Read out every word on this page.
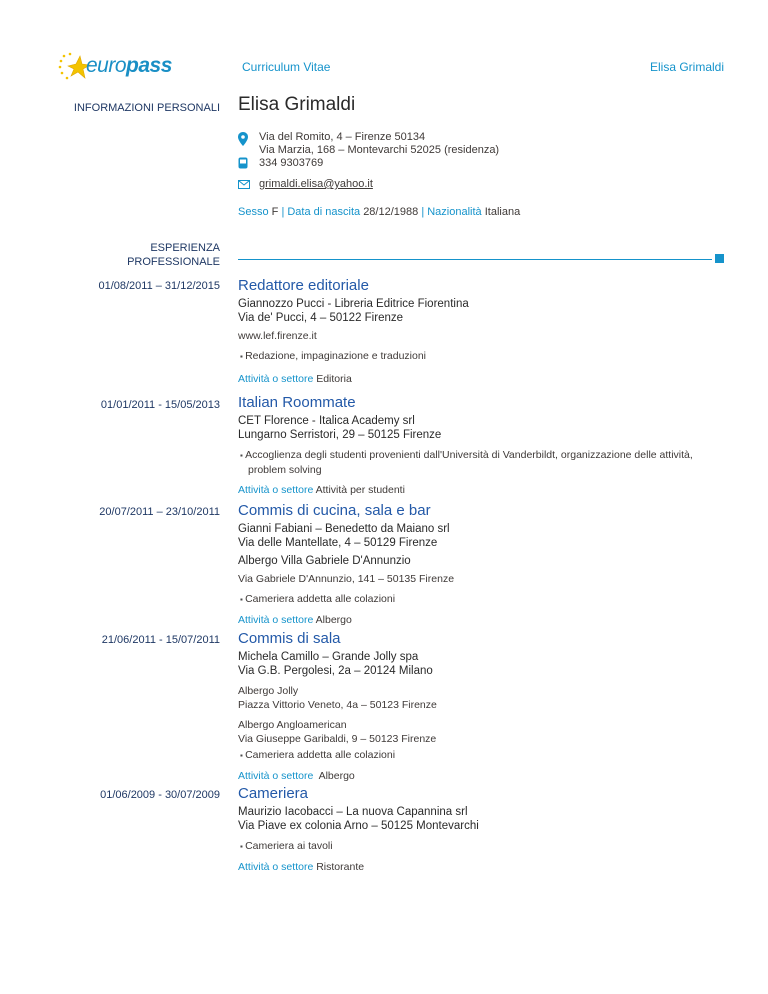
europass	Curriculum Vitae	Elisa Grimaldi
INFORMAZIONI PERSONALI Elisa Grimaldi
Via del Romito, 4 – Firenze 50134
Via Marzia, 168 – Montevarchi 52025 (residenza)
334 9303769
grimaldi.elisa@yahoo.it
Sesso F | Data di nascita 28/12/1988 | Nazionalità Italiana
ESPERIENZA
PROFESSIONALE
01/08/2011 – 31/12/2015 Redattore editoriale
Giannozzo Pucci - Libreria Editrice Fiorentina
Via de' Pucci, 4 – 50122 Firenze
www.lef.firenze.it
▪ Redazione, impaginazione e traduzioni
Attività o settore Editoria
01/01/2011 - 15/05/2013 Italian Roommate
CET Florence - Italica Academy srl
Lungarno Serristori, 29 – 50125 Firenze
▪ Accoglienza degli studenti provenienti dall'Università di Vanderbildt, organizzazione delle attività, problem solving
Attività o settore Attività per studenti
20/07/2011 – 23/10/2011 Commis di cucina, sala e bar
Gianni Fabiani – Benedetto da Maiano srl
Via delle Mantellate, 4 – 50129 Firenze
Albergo Villa Gabriele D'Annunzio
Via Gabriele D'Annunzio, 141 – 50135 Firenze
▪ Cameriera addetta alle colazioni
Attività o settore Albergo
21/06/2011 - 15/07/2011 Commis di sala
Michela Camillo – Grande Jolly spa
Via G.B. Pergolesi, 2a – 20124 Milano
Albergo Jolly
Piazza Vittorio Veneto, 4a – 50123 Firenze
Albergo Angloamerican
Via Giuseppe Garibaldi, 9 – 50123 Firenze
▪ Cameriera addetta alle colazioni
Attività o settore Albergo
01/06/2009 - 30/07/2009 Cameriera
Maurizio Iacobacci – La nuova Capannina srl
Via Piave ex colonia Arno – 50125 Montevarchi
▪ Cameriera ai tavoli
Attività o settore Ristorante
